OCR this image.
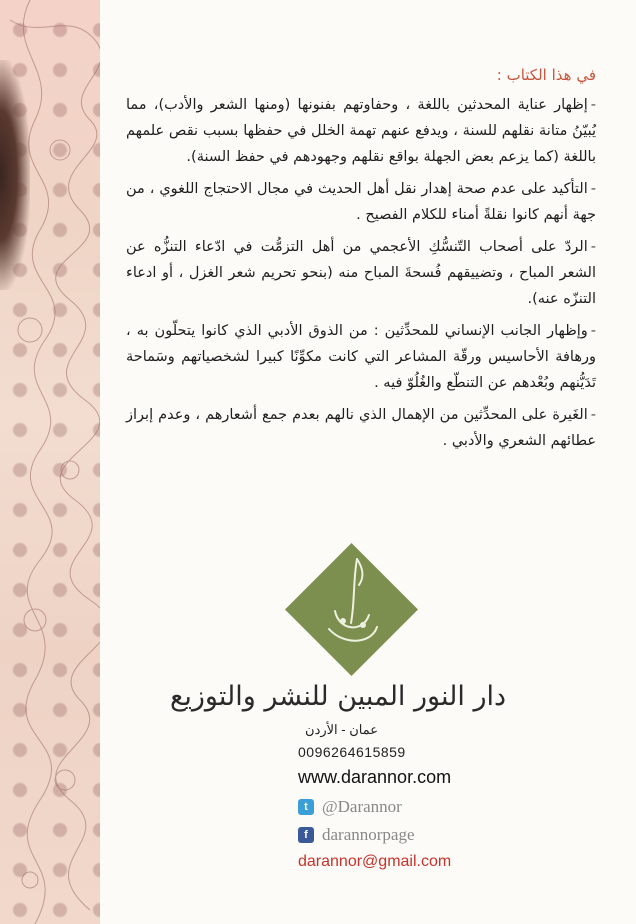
في هذا الكتاب :

-إظهار عناية المحدثين باللغة ، وحفاوتهم بفنونها (ومنها الشعر والأدب)، مما يُبيّنُ متانة نقلهم للسنة ، ويدفع عنهم تهمة الخلل في حفظها بسبب نقص علمهم باللغة (كما يزعم بعض الجهلة بواقع نقلهم وجهودهم في حفظ السنة).

-التأكيد على عدم صحة إهدار نقل أهل الحديث في مجال الاحتجاج اللغوي ، من جهة أنهم كانوا نقلةً أمناء للكلام الفصيح .

-الردّ على أصحاب التّنسُّكِ الأعجمي من أهل التزمُّت في ادّعاء التنزُّه عن الشعر المباح ، وتضييقهم فُسحةَ المباح منه (بنحو تحريم شعر الغزل ، أو ادعاء التنزّه عنه).

-وإظهار الجانب الإنساني للمحدِّثين : من الذوق الأدبي الذي كانوا يتحلّون به ، ورهافة الأحاسيس ورقّة المشاعر التي كانت مكوِّنًا كبيرا لشخصياتهم وسَماحة تَدَيُّنهم وبُعْدهم عن التنطّع والغُلُوّ فيه .

-الغَيرة على المحدِّثين من الإهمال الذي نالهم بعدم جمع أشعارهم ، وعدم إبراز عطائهم الشعري والأدبي .

دار النور المبين للنشر والتوزيع
عمان - الأردن
0096264615859
www.darannor.com
t @Darannor
f darannorpage
darannor@gmail.com
